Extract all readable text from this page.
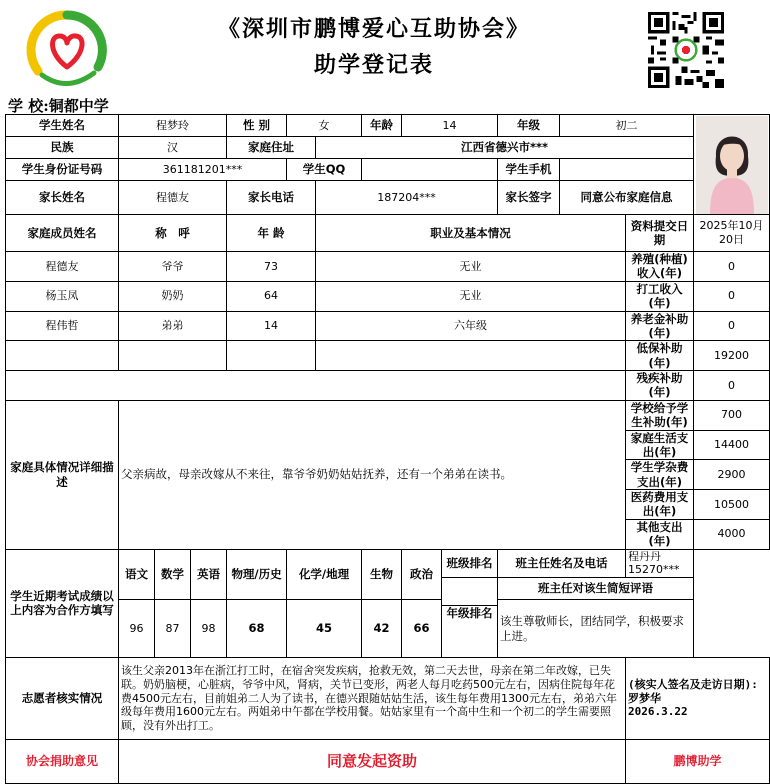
《深圳市鹏博爱心互助协会》
助学登记表
学 校:铜都中学
学生姓名	程梦玲			性 别	女		年龄	14		年级	初二	

民族	汉			家庭住址		江西省德兴市***							
学生身份证号码	361181201***				学生QQ					学生手机			
家长姓名	程德友			家长电话		187204***				家长签字	同意公布家庭信息		
家庭成员姓名	称　呼			年 龄		职业及基本情况						资料提交日期	2025年10月20日
程德友	爷爷			73		无业						养殖(种植)收入(年)	0
杨玉凤	奶奶			64		无业						打工收入(年)	0
程伟哲	弟弟			14		六年级						养老金补助(年)	0
												低保补助(年)	19200
												残疾补助(年)	0
家庭具体情况详细描述	父亲病故，母亲改嫁从不来往，靠爷爷奶奶姑姑抚养，还有一个弟弟在读书。											学校给予学生补助(年)	700
												家庭生活支出(年)	14400
												学生学杂费支出(年)	2900
												医药费用支出(年)	10500
												其他支出(年)	4000
学生近期考试成绩以上内容为合作方填写	语文	数学	英语	物理/历史	化学/地理		生物	政治	班级排名	班主任姓名及电话		程丹丹15270***	
										班主任对该生简短评语			
	96	87	98	68	45		42	66		该生尊敬师长，团结同学，积极要求上进。			
									年级排名				
志愿者核实情况	该生父亲2013年在浙江打工时，在宿舍突发疾病，抢救无效，第二天去世，母亲在第二年改嫁，已失联。奶奶脑梗，心脏病，爷爷中风，肾病，关节已变形，两老人每月吃药500元左右，因病住院每年花费4500元左右，目前姐弟二人为了读书，在德兴跟随姑姑生活，该生每年费用1300元左右，弟弟六年级每年费用1600元左右。两姐弟中午都在学校用餐。姑姑家里有一个高中生和一个初二的学生需要照顾，没有外出打工。											(核实人签名及走访日期):
罗梦华
2026.3.22	

协会捐助意见	同意发起资助											鹏博助学	
